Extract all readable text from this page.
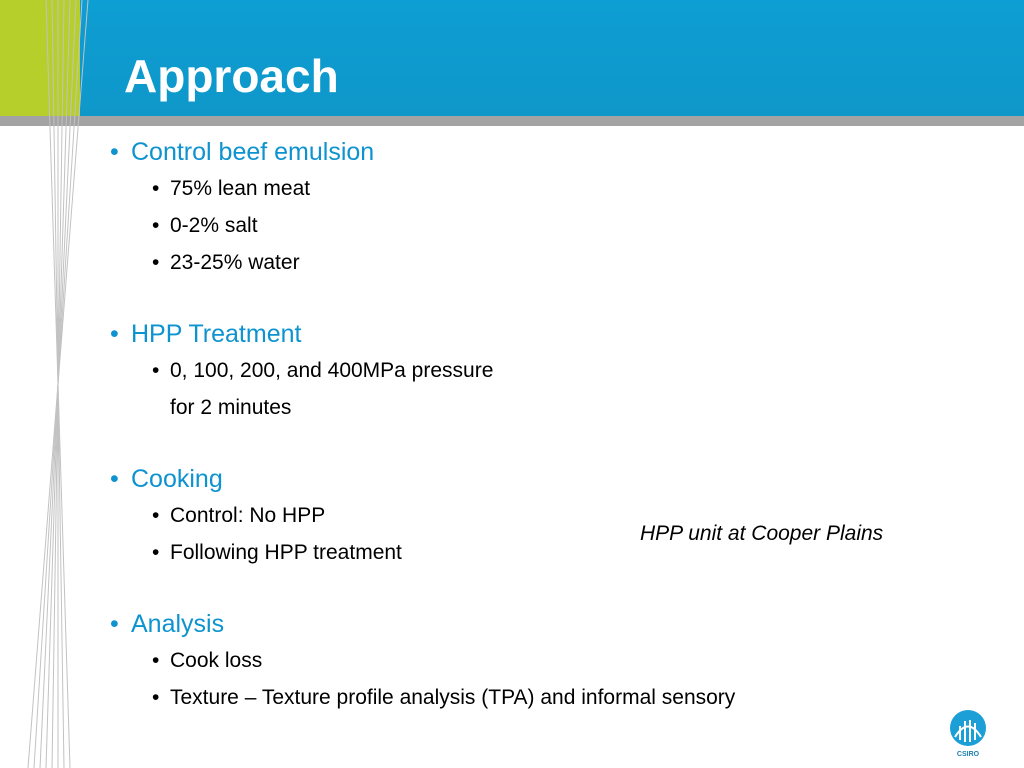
Approach
• Control beef emulsion
• 75% lean meat
• 0-2% salt
• 23-25% water
• HPP Treatment
• 0, 100, 200, and 400MPa pressure
for 2 minutes
• Cooking
• Control: No HPP
• Following HPP treatment
• Analysis
• Cook loss
• Texture – Texture profile analysis (TPA) and informal sensory

HPP unit at Cooper Plains

CSIRO
